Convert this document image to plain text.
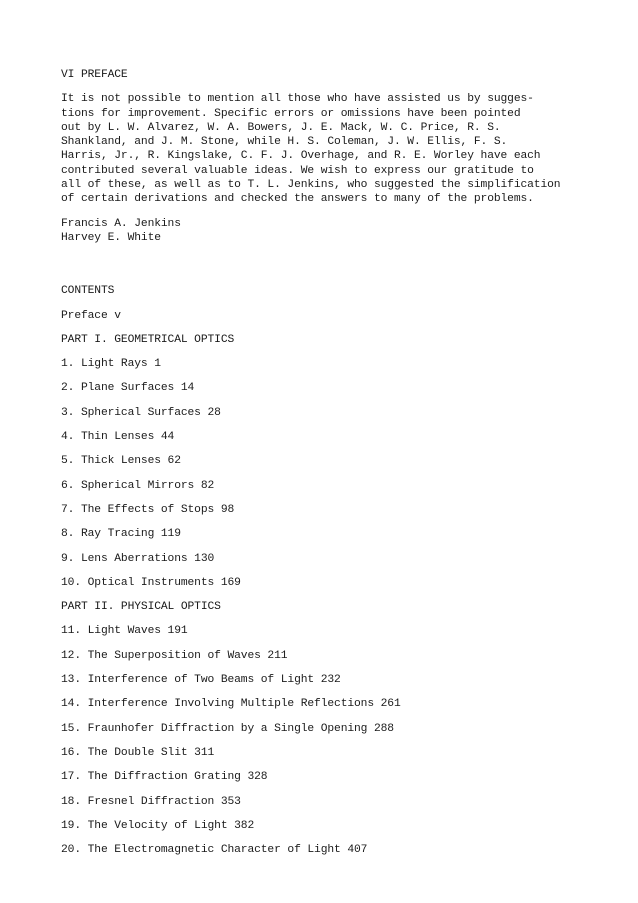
VI PREFACE
It is not possible to mention all those who have assisted us by sugges-
tions for improvement. Specific errors or omissions have been pointed
out by L. W. Alvarez, W. A. Bowers, J. E. Mack, W. C. Price, R. S.
Shankland, and J. M. Stone, while H. S. Coleman, J. W. Ellis, F. S.
Harris, Jr., R. Kingslake, C. F. J. Overhage, and R. E. Worley have each
contributed several valuable ideas. We wish to express our gratitude to
all of these, as well as to T. L. Jenkins, who suggested the simplification
of certain derivations and checked the answers to many of the problems.
Francis A. Jenkins
Harvey E. White
CONTENTS
Preface v
PART I. GEOMETRICAL OPTICS
1. Light Rays 1
2. Plane Surfaces 14
3. Spherical Surfaces 28
4. Thin Lenses 44
5. Thick Lenses 62
6. Spherical Mirrors 82
7. The Effects of Stops 98
8. Ray Tracing 119
9. Lens Aberrations 130
10. Optical Instruments 169
PART II. PHYSICAL OPTICS
11. Light Waves 191
12. The Superposition of Waves 211
13. Interference of Two Beams of Light 232
14. Interference Involving Multiple Reflections 261
15. Fraunhofer Diffraction by a Single Opening 288
16. The Double Slit 311
17. The Diffraction Grating 328
18. Fresnel Diffraction 353
19. The Velocity of Light 382
20. The Electromagnetic Character of Light 407
